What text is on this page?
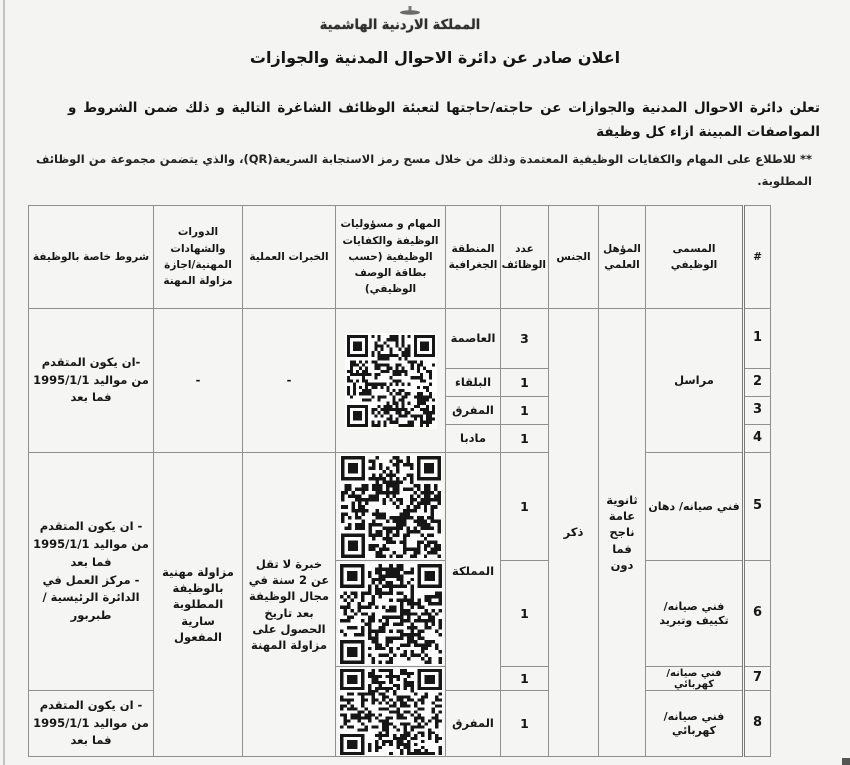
المملكة الاردنية الهاشمية
اعلان صادر عن دائرة الاحوال المدنية والجوازات
تعلن دائرة الاحوال المدنية والجوازات عن حاجته/حاجتها لتعبئة الوظائف الشاغرة التالية و ذلك ضمن الشروط و المواصفات المبينة ازاء كل وظيفة
** للاطلاع على المهام والكفايات الوظيفية المعتمدة وذلك من خلال مسح رمز الاستجابة السريعة(QR)، والذي يتضمن مجموعة من الوظائف المطلوبة.
#	المسمى الوظيفي	المؤهل العلمي	الجنس	عدد الوظائف	المنطقة الجغرافية	المهام و مسؤوليات الوظيفة والكفايات الوظيفية (حسب بطاقة الوصف الوظيفي)	الخبرات العملية	الدورات والشهادات المهنية/اجازة مزاولة المهنة	شروط خاصة بالوظيفة
1	مراسل	ثانوية عامة ناجح فما دون	ذكر	3	العاصمة		-	-	-ان يكون المتقدم من مواليد 1995/1/1 فما بعد
2				1	البلقاء				
3				1	المفرق				
4				1	مادبا				
5	فني صيانه/ دهان			1	المملكة		خبرة لا تقل عن 2 سنة في مجال الوظيفة بعد تاريخ الحصول على مزاولة المهنة	مزاولة مهنية بالوظيفة المطلوبة سارية المفعول	- ان يكون المتقدم من مواليد 1995/1/1 فما بعد
- مركز العمل في الدائرة الرئيسية /طبربور

6	فني صيانه/ تكييف وتبريد			1	

7	فني صيانه/ كهربائي			1	

8	فني صيانه/ كهربائي			1	المفرق				- ان يكون المتقدم من مواليد 1995/1/1 فما بعد
